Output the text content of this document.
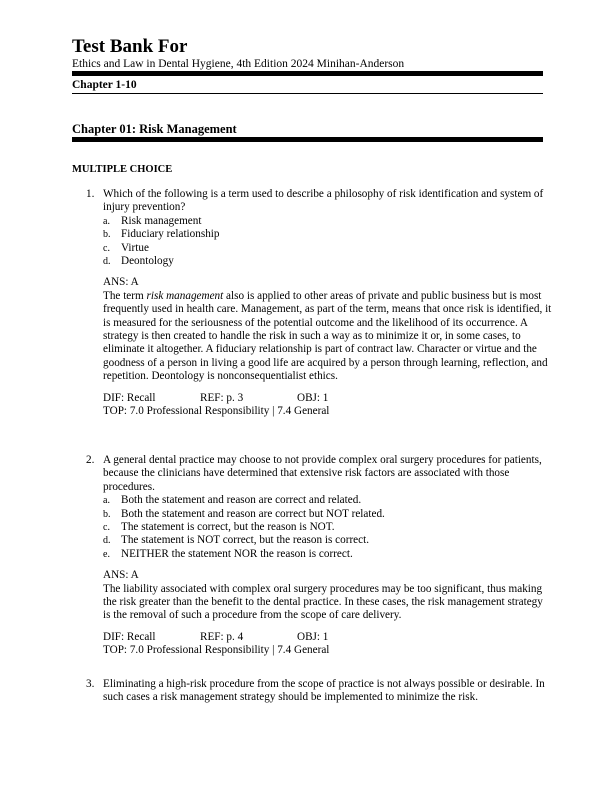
Test Bank For
Ethics and Law in Dental Hygiene, 4th Edition 2024 Minihan-Anderson
Chapter 1-10
Chapter 01: Risk Management
MULTIPLE CHOICE
1. Which of the following is a term used to describe a philosophy of risk identification and system of injury prevention?
a. Risk management
b. Fiduciary relationship
c. Virtue
d. Deontology
ANS: A
The term risk management also is applied to other areas of private and public business but is most frequently used in health care. Management, as part of the term, means that once risk is identified, it is measured for the seriousness of the potential outcome and the likelihood of its occurrence. A strategy is then created to handle the risk in such a way as to minimize it or, in some cases, to eliminate it altogether. A fiduciary relationship is part of contract law. Character or virtue and the goodness of a person in living a good life are acquired by a person through learning, reflection, and repetition. Deontology is nonconsequentialist ethics.
DIF: Recall	REF: p. 3	OBJ: 1
TOP: 7.0 Professional Responsibility | 7.4 General
2. A general dental practice may choose to not provide complex oral surgery procedures for patients, because the clinicians have determined that extensive risk factors are associated with those procedures.
a. Both the statement and reason are correct and related.
b. Both the statement and reason are correct but NOT related.
c. The statement is correct, but the reason is NOT.
d. The statement is NOT correct, but the reason is correct.
e. NEITHER the statement NOR the reason is correct.
ANS: A
The liability associated with complex oral surgery procedures may be too significant, thus making the risk greater than the benefit to the dental practice. In these cases, the risk management strategy is the removal of such a procedure from the scope of care delivery.
DIF: Recall	REF: p. 4	OBJ: 1
TOP: 7.0 Professional Responsibility | 7.4 General
3. Eliminating a high-risk procedure from the scope of practice is not always possible or desirable. In such cases a risk management strategy should be implemented to minimize the risk.
